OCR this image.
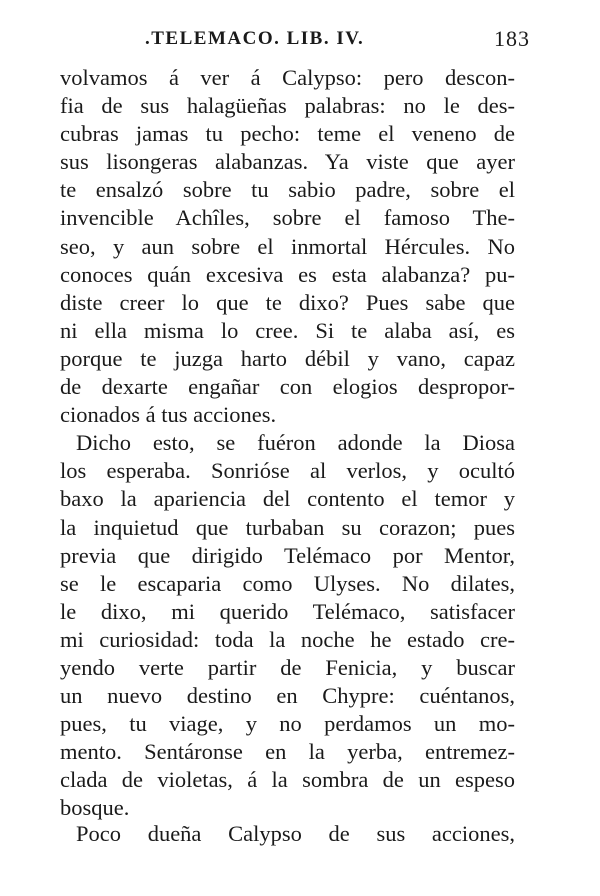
.TELEMACO. LIB. IV.	183
volvamos á ver á Calypso: pero descon-
fia de sus halagüeñas palabras: no le des-
cubras jamas tu pecho: teme el veneno de
sus lisongeras alabanzas. Ya viste que ayer
te ensalzó sobre tu sabio padre, sobre el
invencible Achîles, sobre el famoso The-
seo, y aun sobre el inmortal Hércules. No
conoces quán excesiva es esta alabanza? pu-
diste creer lo que te dixo? Pues sabe que
ni ella misma lo cree. Si te alaba así, es
porque te juzga harto débil y vano, capaz
de dexarte engañar con elogios despropor-
cionados á tus acciones.
Dicho esto, se fuéron adonde la Diosa
los esperaba. Sonrióse al verlos, y ocultó
baxo la apariencia del contento el temor y
la inquietud que turbaban su corazon; pues
previa que dirigido Telémaco por Mentor,
se le escaparia como Ulyses. No dilates,
le dixo, mi querido Telémaco, satisfacer
mi curiosidad: toda la noche he estado cre-
yendo verte partir de Fenicia, y buscar
un nuevo destino en Chypre: cuéntanos,
pues, tu viage, y no perdamos un mo-
mento. Sentáronse en la yerba, entremez-
clada de violetas, á la sombra de un espeso
bosque.
Poco dueña Calypso de sus acciones,
